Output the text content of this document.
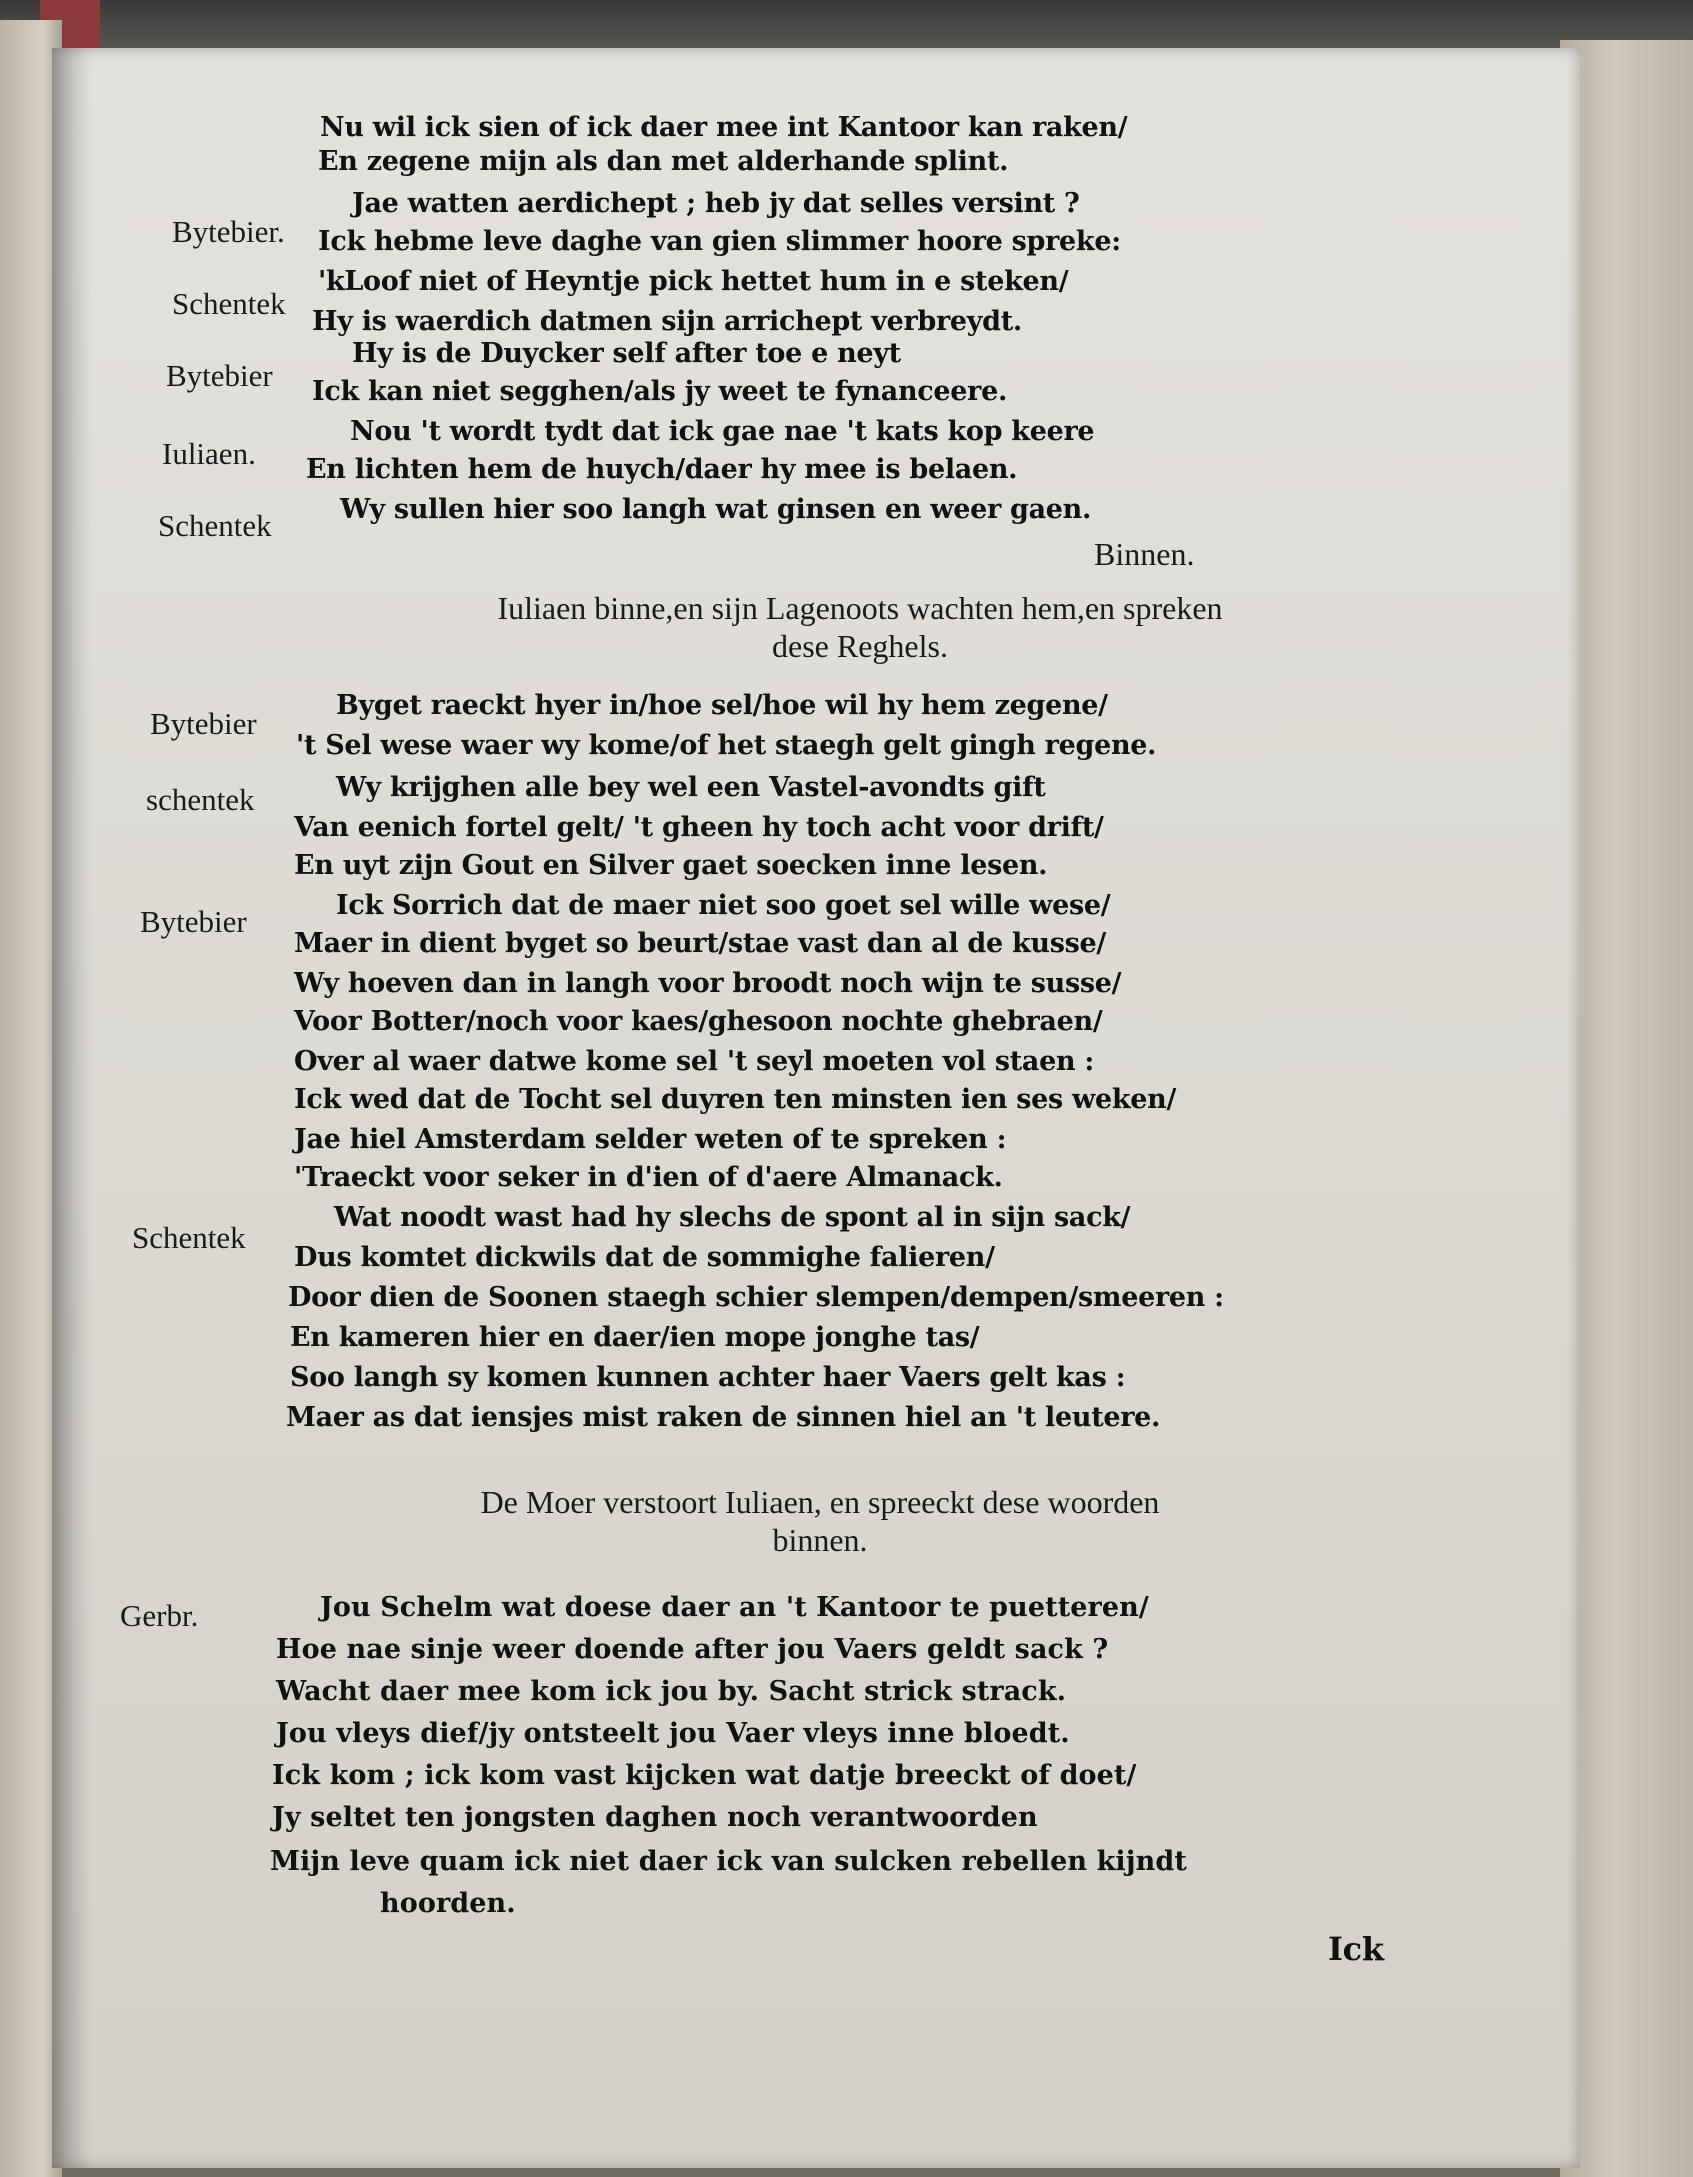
Nu wil ick sien of ick daer mee int Kantoor kan raken/
En zegene mijn als dan met alderhande splint.
Jae watten aerdichept ; heb jy dat selles versint ?
Bytebier. Ick hebme leve daghe van gien slimmer hoore spreke:
'kLoof niet of Heyntje pick hettet hum in e steken/
Schentek
Hy is waerdich datmen sijn arrichept verbreydt.
Hy is de Duycker self after toe e neyt
Bytebier Ick kan niet segghen/als jy weet te fynanceere.
Nou 't wordt tydt dat ick gae nae 't kats kop keere
Iuliaen. En lichten hem de huych/daer hy mee is belaen.
Schentek	Wy sullen hier soo langh wat ginsen en weer gaen.
Binnen.
Iuliaen binne,en sijn Lagenoots wachten hem,en spreken
dese Reghels.
Bytebier
Byget raeckt hyer in/hoe sel/hoe wil hy hem zegene/
't Sel wese waer wy kome/of het staegh gelt gingh regene.
schentek	Wy krijghen alle bey wel een Vastel-avondts gift
Van eenich fortel gelt/ 't gheen hy toch acht voor drift/
En uyt zijn Gout en Silver gaet soecken inne lesen.
Bytebier	Ick Sorrich dat de maer niet soo goet sel wille wese/
Maer in dient byget so beurt/stae vast dan al de kusse/
Wy hoeven dan in langh voor broodt noch wijn te susse/
Voor Botter/noch voor kaes/ghesoon nochte ghebraen/
Over al waer datwe kome sel 't seyl moeten vol staen :
Ick wed dat de Tocht sel duyren ten minsten ien ses weken/
Jae hiel Amsterdam selder weten of te spreken :
'Traeckt voor seker in d'ien of d'aere Almanack.
Schentek
Wat noodt wast had hy slechs de spont al in sijn sack/
Dus komtet dickwils dat de sommighe falieren/
Door dien de Soonen staegh schier slempen/dempen/smeeren :
En kameren hier en daer/ien mope jonghe tas/
Soo langh sy komen kunnen achter haer Vaers gelt kas :
Maer as dat iensjes mist raken de sinnen hiel an 't leutere.
De Moer verstoort Iuliaen, en spreeckt dese woorden
binnen.
Gerbr.	Jou Schelm wat doese daer an 't Kantoor te puetteren/
Hoe nae sinje weer doende after jou Vaers geldt sack ?
Wacht daer mee kom ick jou by. Sacht strick strack.
Jou vleys dief/jy ontsteelt jou Vaer vleys inne bloedt.
Ick kom ; ick kom vast kijcken wat datje breeckt of doet/
Jy seltet ten jongsten daghen noch verantwoorden
Mijn leve quam ick niet daer ick van sulcken rebellen kijndt
hoorden.
Ick
